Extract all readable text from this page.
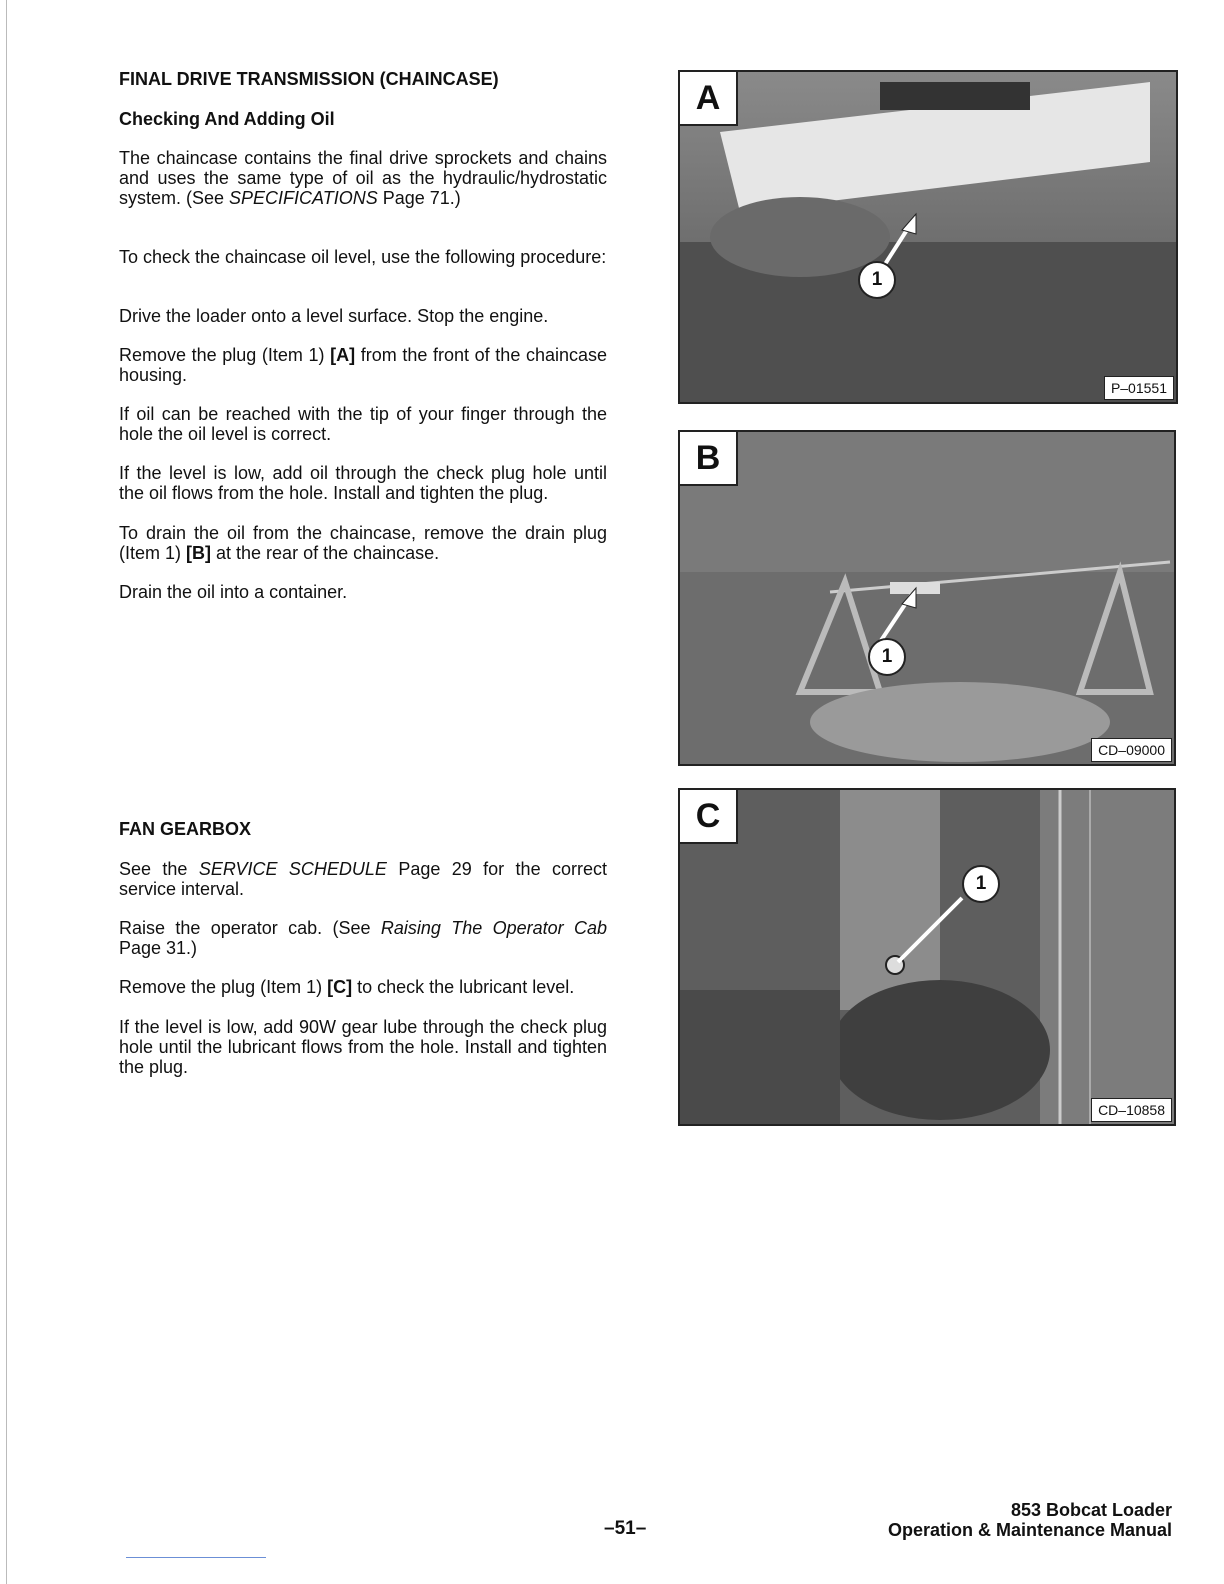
FINAL DRIVE TRANSMISSION (CHAINCASE)
Checking And Adding Oil

The chaincase contains the final drive sprockets and chains and uses the same type of oil as the hydraulic/hydrostatic system. (See SPECIFICATIONS Page 71.)

To check the chaincase oil level, use the following procedure:

Drive the loader onto a level surface. Stop the engine.

Remove the plug (Item 1) [A] from the front of the chaincase housing.

If oil can be reached with the tip of your finger through the hole the oil level is correct.

If the level is low, add oil through the check plug hole until the oil flows from the hole. Install and tighten the plug.

To drain the oil from the chaincase, remove the drain plug (Item 1) [B] at the rear of the chaincase.

Drain the oil into a container.

FAN GEARBOX

See the SERVICE SCHEDULE Page 29 for the correct service interval.

Raise the operator cab. (See Raising The Operator Cab Page 31.)

Remove the plug (Item 1) [C] to check the lubricant level.

If the level is low, add 90W gear lube through the check plug hole until the lubricant flows from the hole. Install and tighten the plug.

A
1
P–01551
B
1
CD–09000
C
1
CD–10858
–51–
853 Bobcat Loader
Operation & Maintenance Manual
